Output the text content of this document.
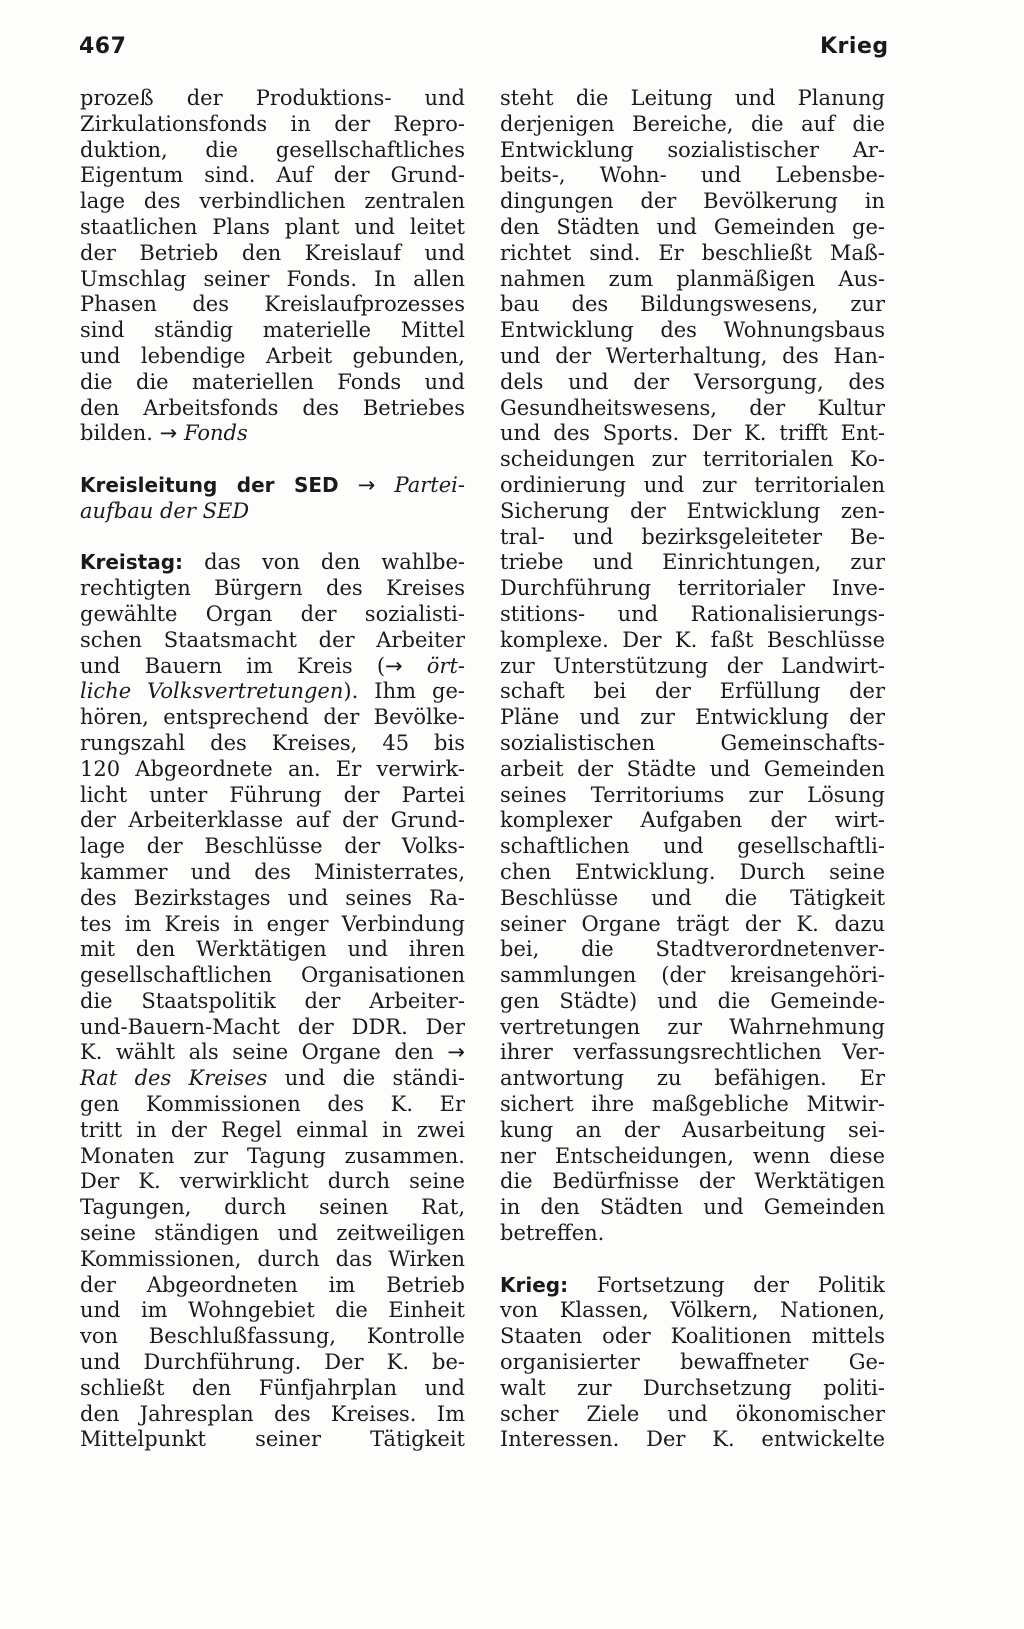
467	Krieg
prozeß der Produktions- und
Zirkulationsfonds in der Repro-
duktion, die gesellschaftliches
Eigentum sind. Auf der Grund-
lage des verbindlichen zentralen
staatlichen Plans plant und leitet
der Betrieb den Kreislauf und
Umschlag seiner Fonds. In allen
Phasen des Kreislaufprozesses
sind ständig materielle Mittel
und lebendige Arbeit gebunden,
die die materiellen Fonds und
den Arbeitsfonds des Betriebes
bilden. → Fonds
Kreisleitung der SED → Partei-
aufbau der SED
Kreistag: das von den wahlbe-
rechtigten Bürgern des Kreises
gewählte Organ der sozialisti-
schen Staatsmacht der Arbeiter
und Bauern im Kreis (→ ört-
liche Volksvertretungen). Ihm ge-
hören, entsprechend der Bevölke-
rungszahl des Kreises, 45 bis
120 Abgeordnete an. Er verwirk-
licht unter Führung der Partei
der Arbeiterklasse auf der Grund-
lage der Beschlüsse der Volks-
kammer und des Ministerrates,
des Bezirkstages und seines Ra-
tes im Kreis in enger Verbindung
mit den Werktätigen und ihren
gesellschaftlichen Organisationen
die Staatspolitik der Arbeiter-
und-Bauern-Macht der DDR. Der
K. wählt als seine Organe den →
Rat des Kreises und die ständi-
gen Kommissionen des K. Er
tritt in der Regel einmal in zwei
Monaten zur Tagung zusammen.
Der K. verwirklicht durch seine
Tagungen, durch seinen Rat,
seine ständigen und zeitweiligen
Kommissionen, durch das Wirken
der Abgeordneten im Betrieb
und im Wohngebiet die Einheit
von Beschlußfassung, Kontrolle
und Durchführung. Der K. be-
schließt den Fünfjahrplan und
den Jahresplan des Kreises. Im
Mittelpunkt seiner Tätigkeit
steht die Leitung und Planung
derjenigen Bereiche, die auf die
Entwicklung sozialistischer Ar-
beits-, Wohn- und Lebensbe-
dingungen der Bevölkerung in
den Städten und Gemeinden ge-
richtet sind. Er beschließt Maß-
nahmen zum planmäßigen Aus-
bau des Bildungswesens, zur
Entwicklung des Wohnungsbaus
und der Werterhaltung, des Han-
dels und der Versorgung, des
Gesundheitswesens, der Kultur
und des Sports. Der K. trifft Ent-
scheidungen zur territorialen Ko-
ordinierung und zur territorialen
Sicherung der Entwicklung zen-
tral- und bezirksgeleiteter Be-
triebe und Einrichtungen, zur
Durchführung territorialer Inve-
stitions- und Rationalisierungs-
komplexe. Der K. faßt Beschlüsse
zur Unterstützung der Landwirt-
schaft bei der Erfüllung der
Pläne und zur Entwicklung der
sozialistischen Gemeinschafts-
arbeit der Städte und Gemeinden
seines Territoriums zur Lösung
komplexer Aufgaben der wirt-
schaftlichen und gesellschaftli-
chen Entwicklung. Durch seine
Beschlüsse und die Tätigkeit
seiner Organe trägt der K. dazu
bei, die Stadtverordnetenver-
sammlungen (der kreisangehöri-
gen Städte) und die Gemeinde-
vertretungen zur Wahrnehmung
ihrer verfassungsrechtlichen Ver-
antwortung zu befähigen. Er
sichert ihre maßgebliche Mitwir-
kung an der Ausarbeitung sei-
ner Entscheidungen, wenn diese
die Bedürfnisse der Werktätigen
in den Städten und Gemeinden
betreffen.
Krieg: Fortsetzung der Politik
von Klassen, Völkern, Nationen,
Staaten oder Koalitionen mittels
organisierter bewaffneter Ge-
walt zur Durchsetzung politi-
scher Ziele und ökonomischer
Interessen. Der K. entwickelte
